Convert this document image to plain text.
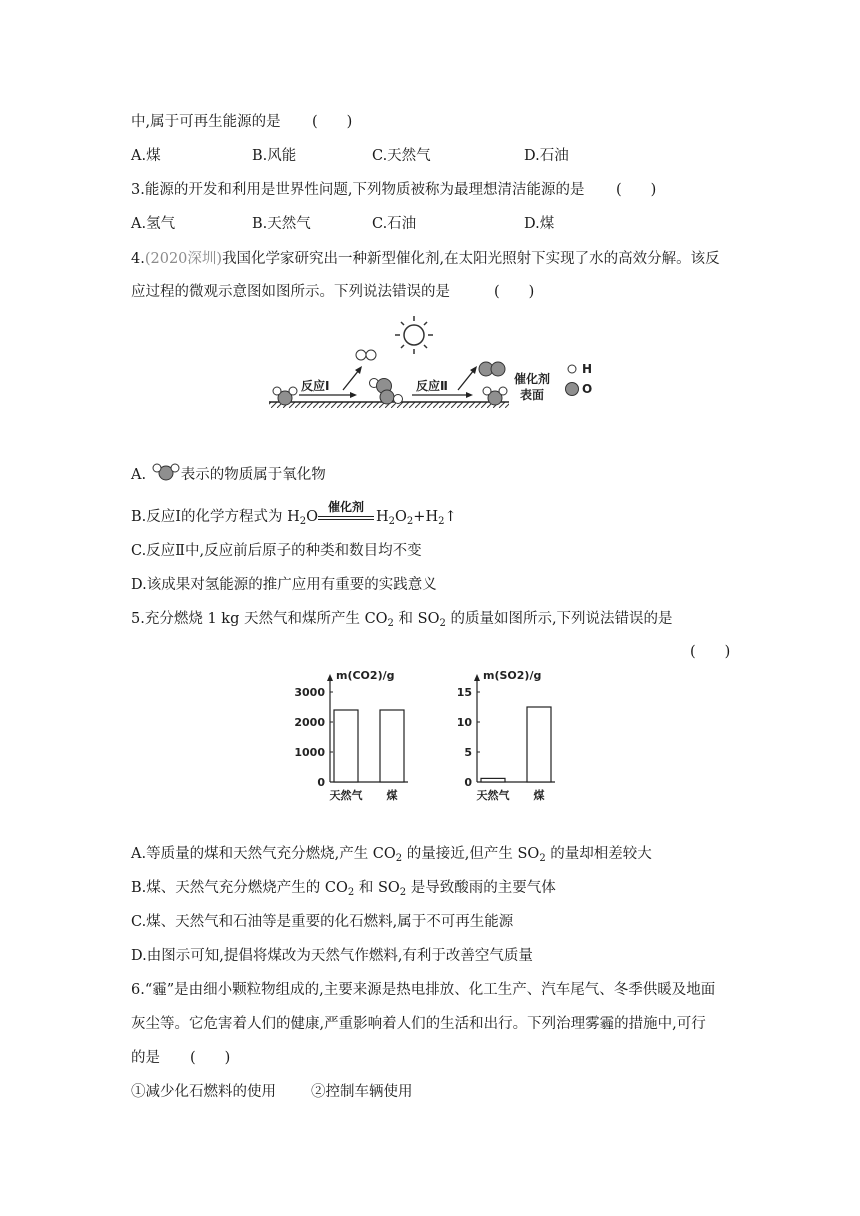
中,属于可再生能源的是 (　　)
A.煤	B.风能	C.天然气	D.石油
3.能源的开发和利用是世界性问题,下列物质被称为最理想清洁能源的是 (　　)
A.氢气	B.天然气	C.石油	D.煤
4.(2020深圳)我国化学家研究出一种新型催化剂,在太阳光照射下实现了水的高效分解。该反
应过程的微观示意图如图所示。下列说法错误的是	(　　)
反应Ⅰ	反应Ⅱ	催化剂
表面
H
O
A. 表示的物质属于氧化物
B.反应Ⅰ的化学方程式为 $H_2O$
催化剂
$H_2O_2+H_2↑$
C.反应Ⅱ中,反应前后原子的种类和数目均不变
D.该成果对氢能源的推广应用有重要的实践意义
5.充分燃烧 1 kg 天然气和煤所产生 $CO_2$ 和 $SO_2$ 的质量如图所示,下列说法错误的是
(　　)
m(CO2)/g
0
1000
2000
3000
天然气 煤
m(SO2)/g
0
5
10
15
天然气 煤
A.等质量的煤和天然气充分燃烧,产生 $CO_2$ 的量接近,但产生 $SO_2$ 的量却相差较大
B.煤、天然气充分燃烧产生的 $CO_2$ 和 $SO_2$ 是导致酸雨的主要气体
C.煤、天然气和石油等是重要的化石燃料,属于不可再生能源
D.由图示可知,提倡将煤改为天然气作燃料,有利于改善空气质量
6.“霾”是由细小颗粒物组成的,主要来源是热电排放、化工生产、汽车尾气、冬季供暖及地面
灰尘等。它危害着人们的健康,严重影响着人们的生活和出行。下列治理雾霾的措施中,可行
的是 (　　)
①减少化石燃料的使用 ②控制车辆使用
